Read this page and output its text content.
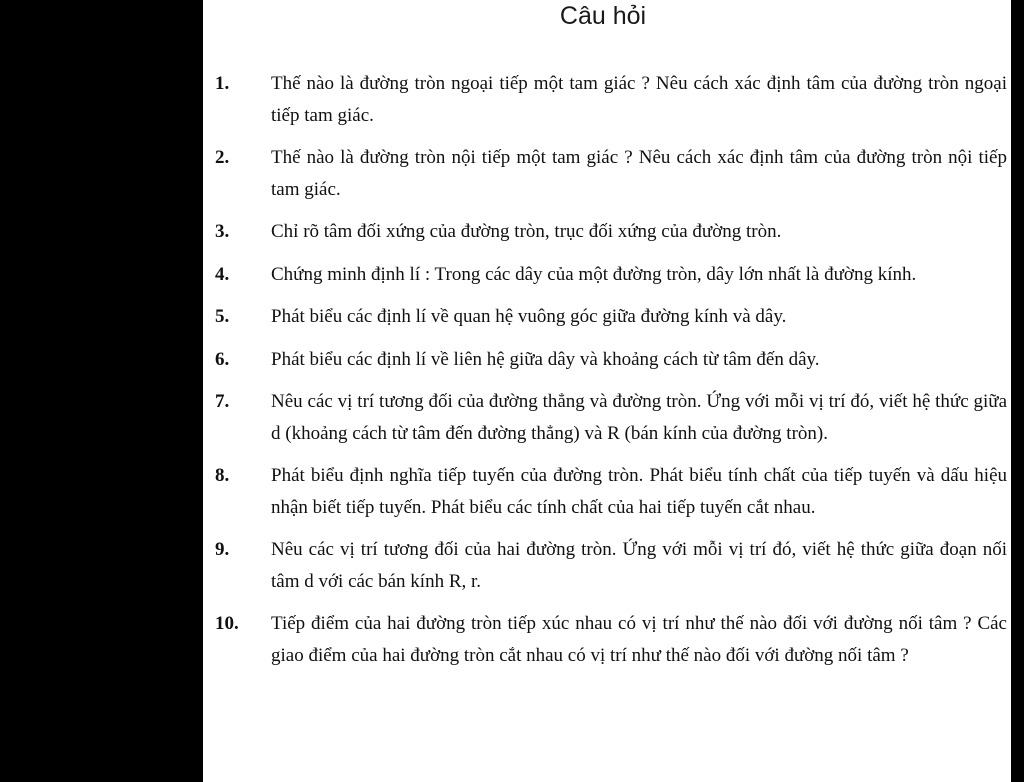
Câu hỏi
1.	Thế nào là đường tròn ngoại tiếp một tam giác ? Nêu cách xác định tâm của đường tròn ngoại tiếp tam giác.
2.	Thế nào là đường tròn nội tiếp một tam giác ? Nêu cách xác định tâm của đường tròn nội tiếp tam giác.
3.	Chỉ rõ tâm đối xứng của đường tròn, trục đối xứng của đường tròn.
4.	Chứng minh định lí : Trong các dây của một đường tròn, dây lớn nhất là đường kính.
5.	Phát biểu các định lí về quan hệ vuông góc giữa đường kính và dây.
6.	Phát biểu các định lí về liên hệ giữa dây và khoảng cách từ tâm đến dây.
7.	Nêu các vị trí tương đối của đường thẳng và đường tròn. Ứng với mỗi vị trí đó, viết hệ thức giữa d (khoảng cách từ tâm đến đường thẳng) và R (bán kính của đường tròn).
8.	Phát biểu định nghĩa tiếp tuyến của đường tròn. Phát biểu tính chất của tiếp tuyến và dấu hiệu nhận biết tiếp tuyến. Phát biểu các tính chất của hai tiếp tuyến cắt nhau.
9.	Nêu các vị trí tương đối của hai đường tròn. Ứng với mỗi vị trí đó, viết hệ thức giữa đoạn nối tâm d với các bán kính R, r.
10.	Tiếp điểm của hai đường tròn tiếp xúc nhau có vị trí như thế nào đối với đường nối tâm ? Các giao điểm của hai đường tròn cắt nhau có vị trí như thế nào đối với đường nối tâm ?
